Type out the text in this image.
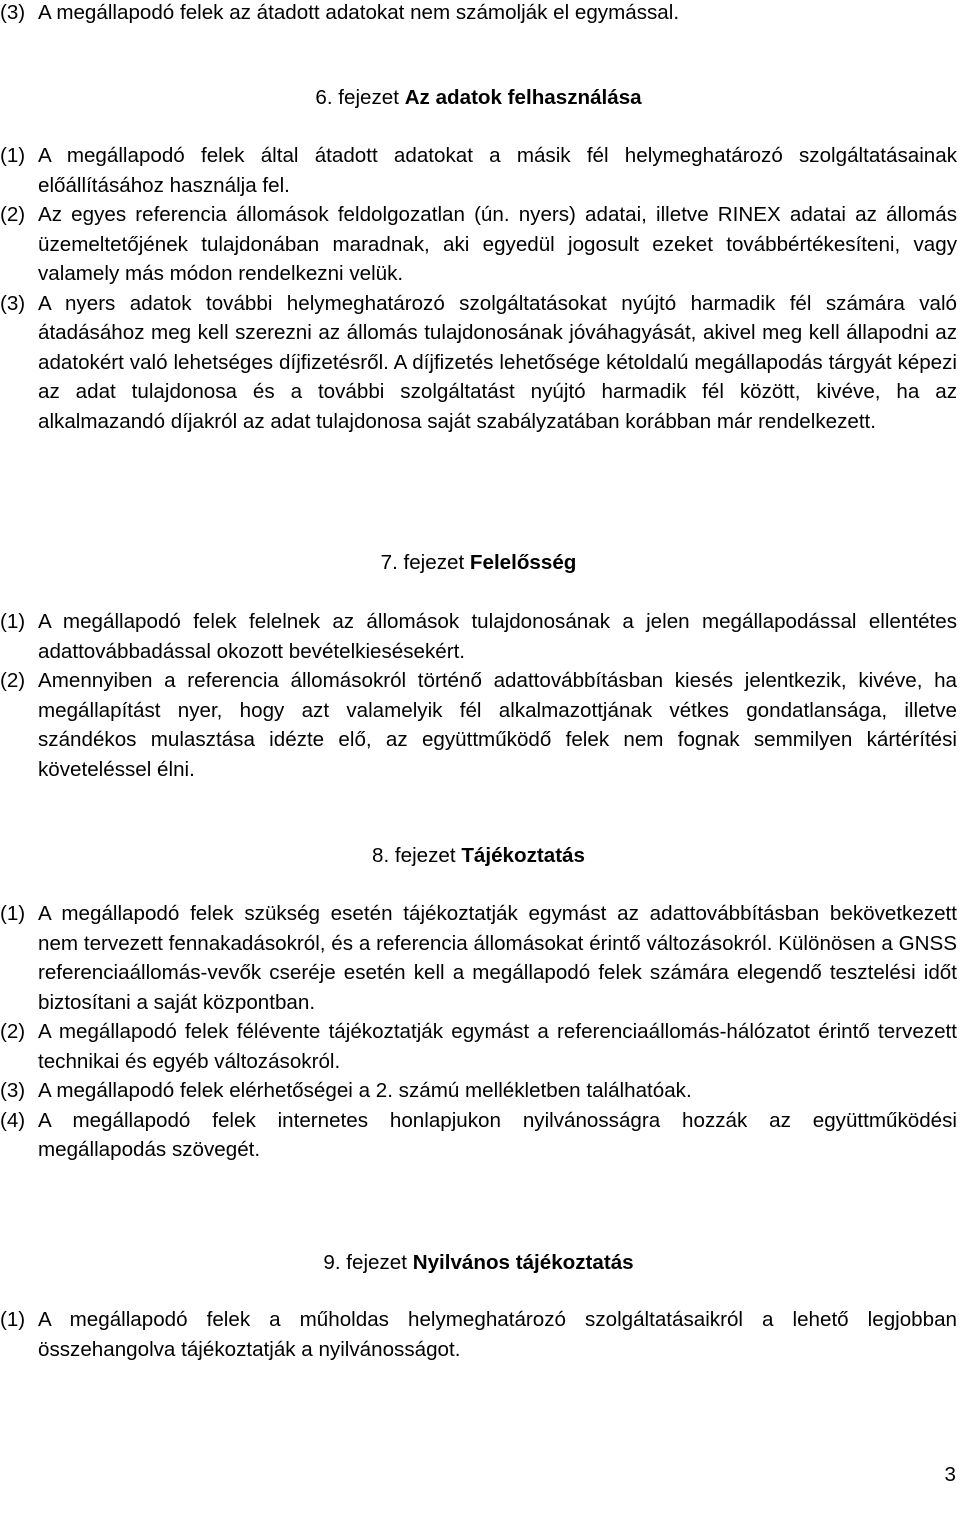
(3) A megállapodó felek az átadott adatokat nem számolják el egymással.

6. fejezet Az adatok felhasználása

(1) A megállapodó felek által átadott adatokat a másik fél helymeghatározó szolgáltatásainak előállításához használja fel.

(2) Az egyes referencia állomások feldolgozatlan (ún. nyers) adatai, illetve RINEX adatai az állomás üzemeltetőjének tulajdonában maradnak, aki egyedül jogosult ezeket továbbértékesíteni, vagy valamely más módon rendelkezni velük.

(3) A nyers adatok további helymeghatározó szolgáltatásokat nyújtó harmadik fél számára való átadásához meg kell szerezni az állomás tulajdonosának jóváhagyását, akivel meg kell állapodni az adatokért való lehetséges díjfizetésről. A díjfizetés lehetősége kétoldalú megállapodás tárgyát képezi az adat tulajdonosa és a további szolgáltatást nyújtó harmadik fél között, kivéve, ha az alkalmazandó díjakról az adat tulajdonosa saját szabályzatában korábban már rendelkezett.

7. fejezet Felelősség

(1) A megállapodó felek felelnek az állomások tulajdonosának a jelen megállapodással ellentétes adattovábbadással okozott bevételkiesésekért.

(2) Amennyiben a referencia állomásokról történő adattovábbításban kiesés jelentkezik, kivéve, ha megállapítást nyer, hogy azt valamelyik fél alkalmazottjának vétkes gondatlansága, illetve szándékos mulasztása idézte elő, az együttműködő felek nem fognak semmilyen kártérítési követeléssel élni.

8. fejezet Tájékoztatás

(1) A megállapodó felek szükség esetén tájékoztatják egymást az adattovábbításban bekövetkezett nem tervezett fennakadásokról, és a referencia állomásokat érintő változásokról. Különösen a GNSS referenciaállomás-vevők cseréje esetén kell a megállapodó felek számára elegendő tesztelési időt biztosítani a saját központban.

(2) A megállapodó felek félévente tájékoztatják egymást a referenciaállomás-hálózatot érintő tervezett technikai és egyéb változásokról.

(3) A megállapodó felek elérhetőségei a 2. számú mellékletben találhatóak.

(4) A megállapodó felek internetes honlapjukon nyilvánosságra hozzák az együttműködési megállapodás szövegét.

9. fejezet Nyilvános tájékoztatás

(1) A megállapodó felek a műholdas helymeghatározó szolgáltatásaikról a lehető legjobban összehangolva tájékoztatják a nyilvánosságot.

3
